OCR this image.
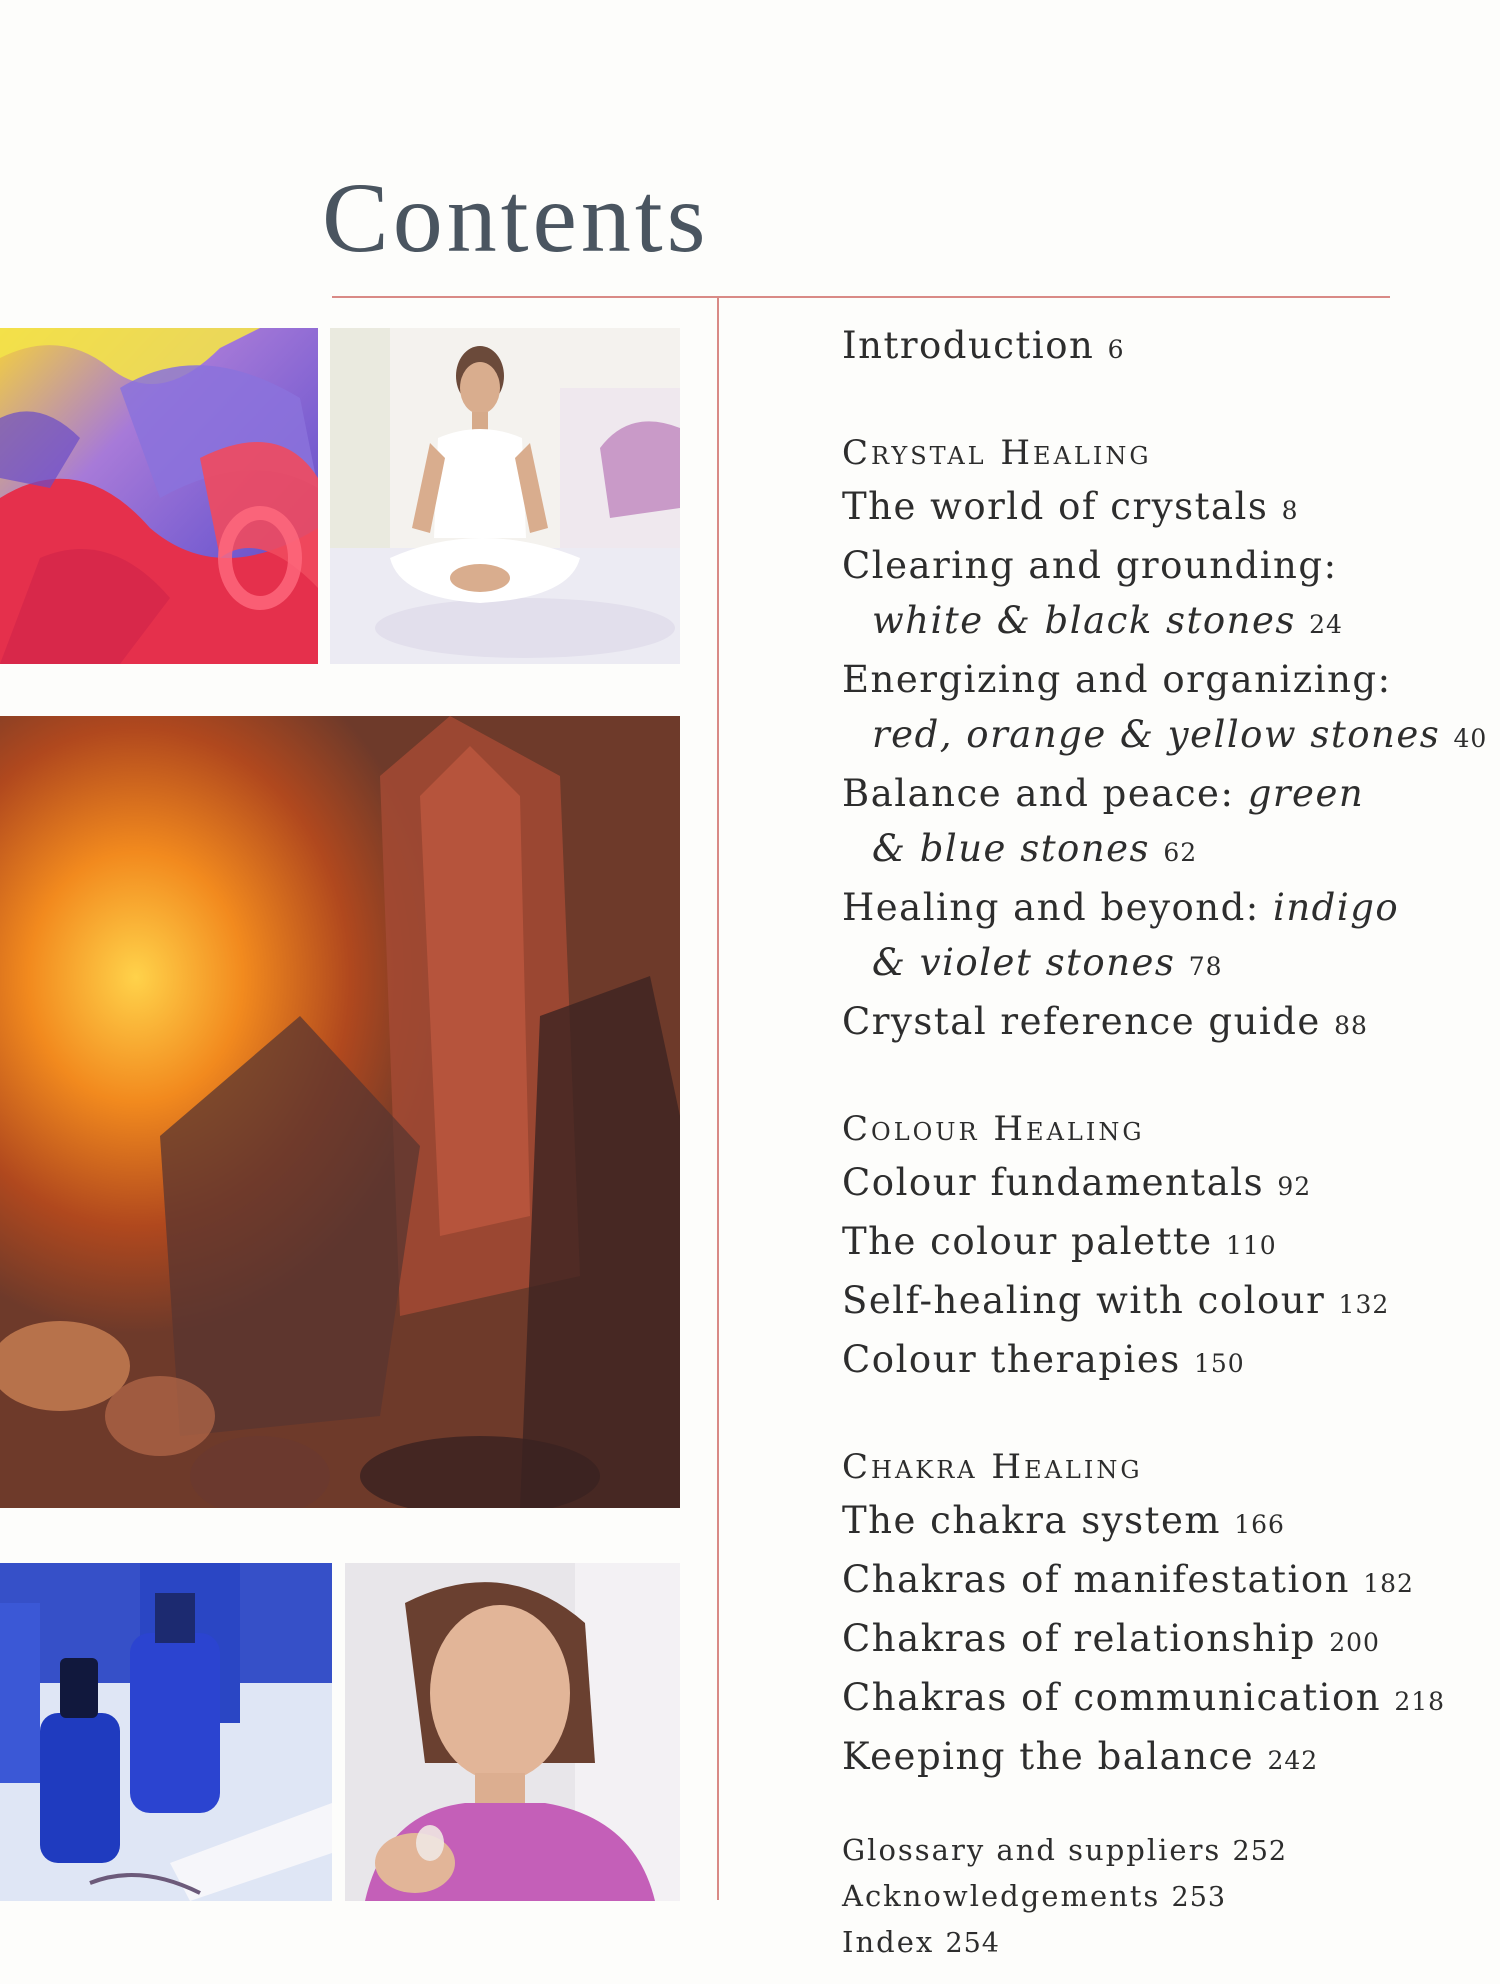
Contents
Introduction 6
Crystal Healing
The world of crystals 8
Clearing and grounding:
white & black stones 24
Energizing and organizing:
red, orange & yellow stones 40
Balance and peace: green
& blue stones 62
Healing and beyond: indigo
& violet stones 78
Crystal reference guide 88
Colour Healing
Colour fundamentals 92
The colour palette 110
Self-healing with colour 132
Colour therapies 150
Chakra Healing
The chakra system 166
Chakras of manifestation 182
Chakras of relationship 200
Chakras of communication 218
Keeping the balance 242
Glossary and suppliers 252
Acknowledgements 253
Index 254
